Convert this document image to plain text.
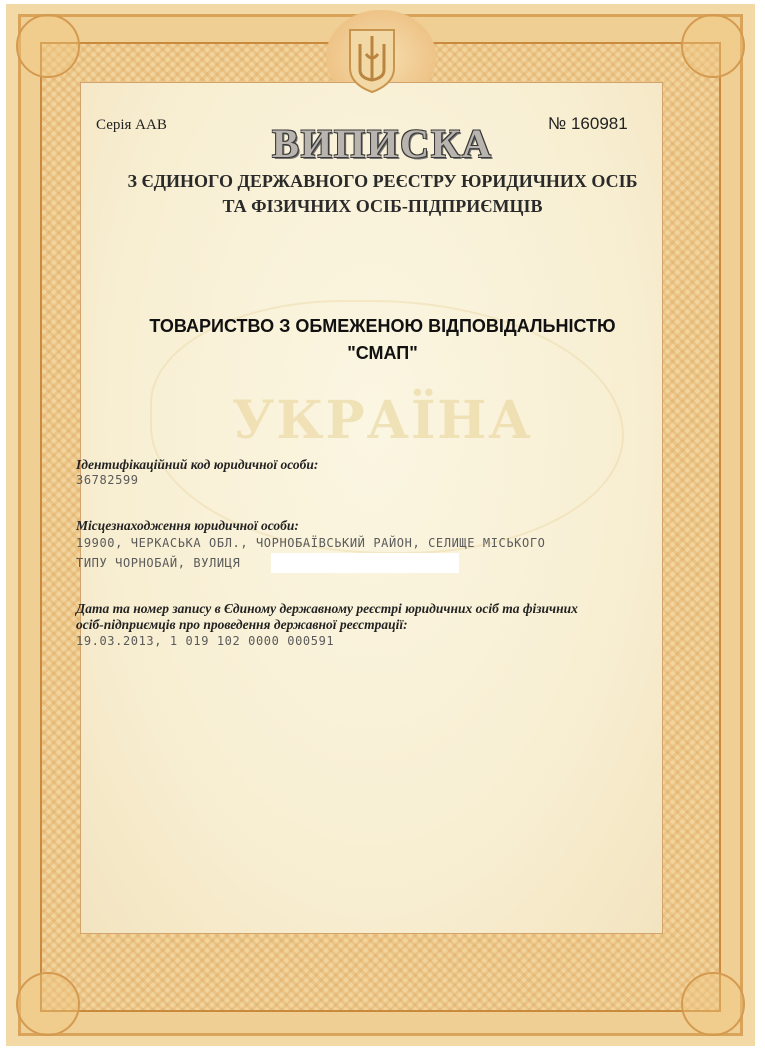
УКРАЇНА
Серія ААВ	№ 160981
ВИПИСКА
З ЄДИНОГО ДЕРЖАВНОГО РЕЄСТРУ ЮРИДИЧНИХ ОСІБ
ТА ФІЗИЧНИХ ОСІБ-ПІДПРИЄМЦІВ
ТОВАРИСТВО З ОБМЕЖЕНОЮ ВІДПОВІДАЛЬНІСТЮ
"СМАП"
Ідентифікаційний код юридичної особи:
36782599
Місцезнаходження юридичної особи:
19900, ЧЕРКАСЬКА ОБЛ., ЧОРНОБАЇВСЬКИЙ РАЙОН, СЕЛИЩЕ МІСЬКОГО
ТИПУ ЧОРНОБАЙ, ВУЛИЦЯ
Дата та номер запису в Єдиному державному реєстрі юридичних осіб та фізичних
осіб-підприємців про проведення державної реєстрації:
19.03.2013, 1 019 102 0000 000591
